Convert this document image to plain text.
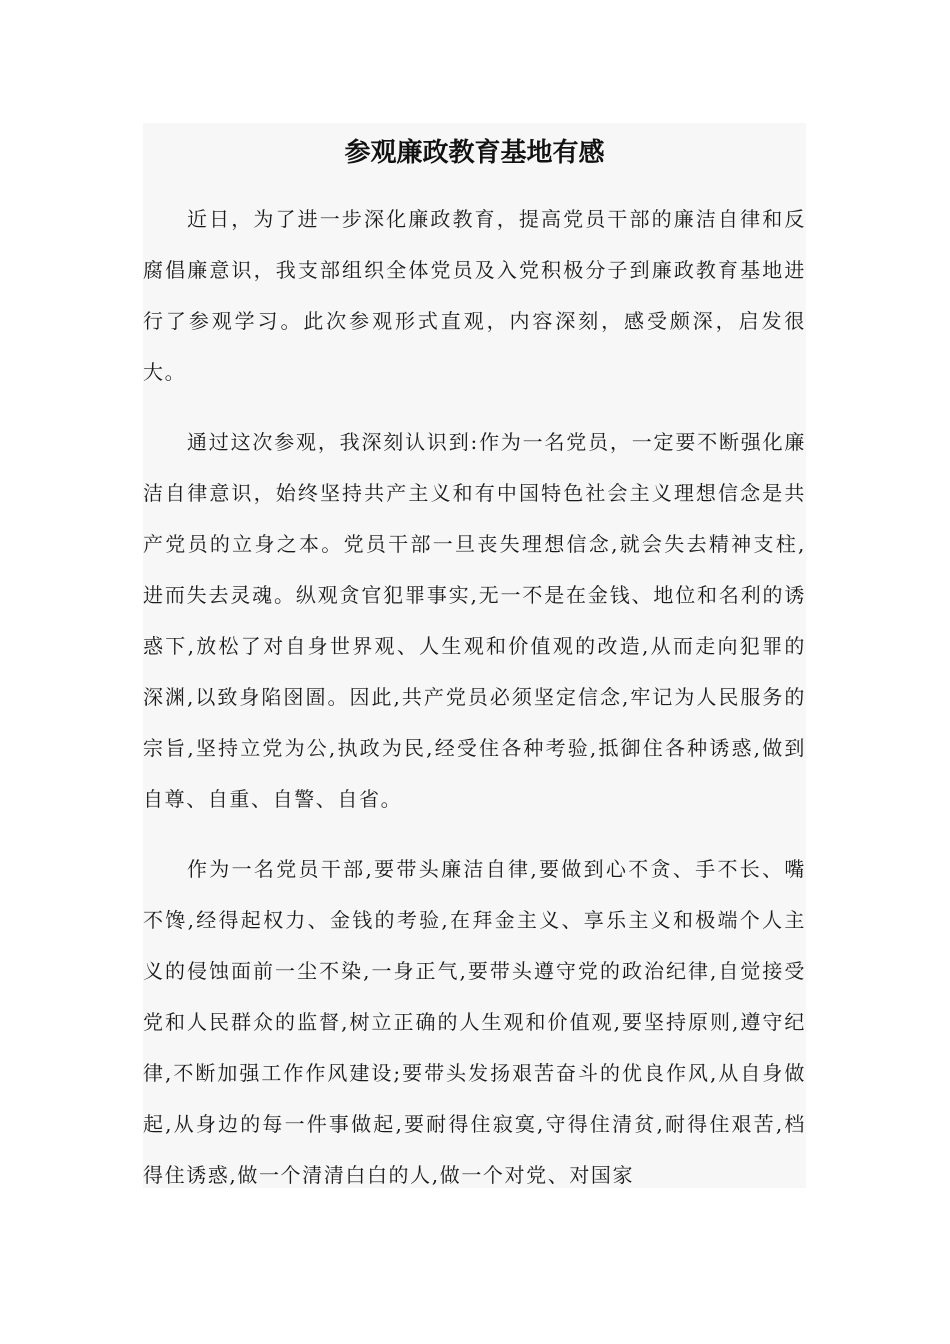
参观廉政教育基地有感

近日，为了进一步深化廉政教育，提高党员干部的廉洁自律和反腐倡廉意识，我支部组织全体党员及入党积极分子到廉政教育基地进行了参观学习。此次参观形式直观，内容深刻，感受颇深，启发很大。

通过这次参观，我深刻认识到:作为一名党员，一定要不断强化廉洁自律意识，始终坚持共产主义和有中国特色社会主义理想信念是共产党员的立身之本。党员干部一旦丧失理想信念,就会失去精神支柱,进而失去灵魂。纵观贪官犯罪事实,无一不是在金钱、地位和名利的诱惑下,放松了对自身世界观、人生观和价值观的改造,从而走向犯罪的深渊,以致身陷囹圄。因此,共产党员必须坚定信念,牢记为人民服务的宗旨,坚持立党为公,执政为民,经受住各种考验,抵御住各种诱惑,做到自尊、自重、自警、自省。

作为一名党员干部,要带头廉洁自律,要做到心不贪、手不长、嘴不馋,经得起权力、金钱的考验,在拜金主义、享乐主义和极端个人主义的侵蚀面前一尘不染,一身正气,要带头遵守党的政治纪律,自觉接受党和人民群众的监督,树立正确的人生观和价值观,要坚持原则,遵守纪律,不断加强工作作风建设;要带头发扬艰苦奋斗的优良作风,从自身做起,从身边的每一件事做起,要耐得住寂寞,守得住清贫,耐得住艰苦,档得住诱惑,做一个清清白白的人,做一个对党、对国家
